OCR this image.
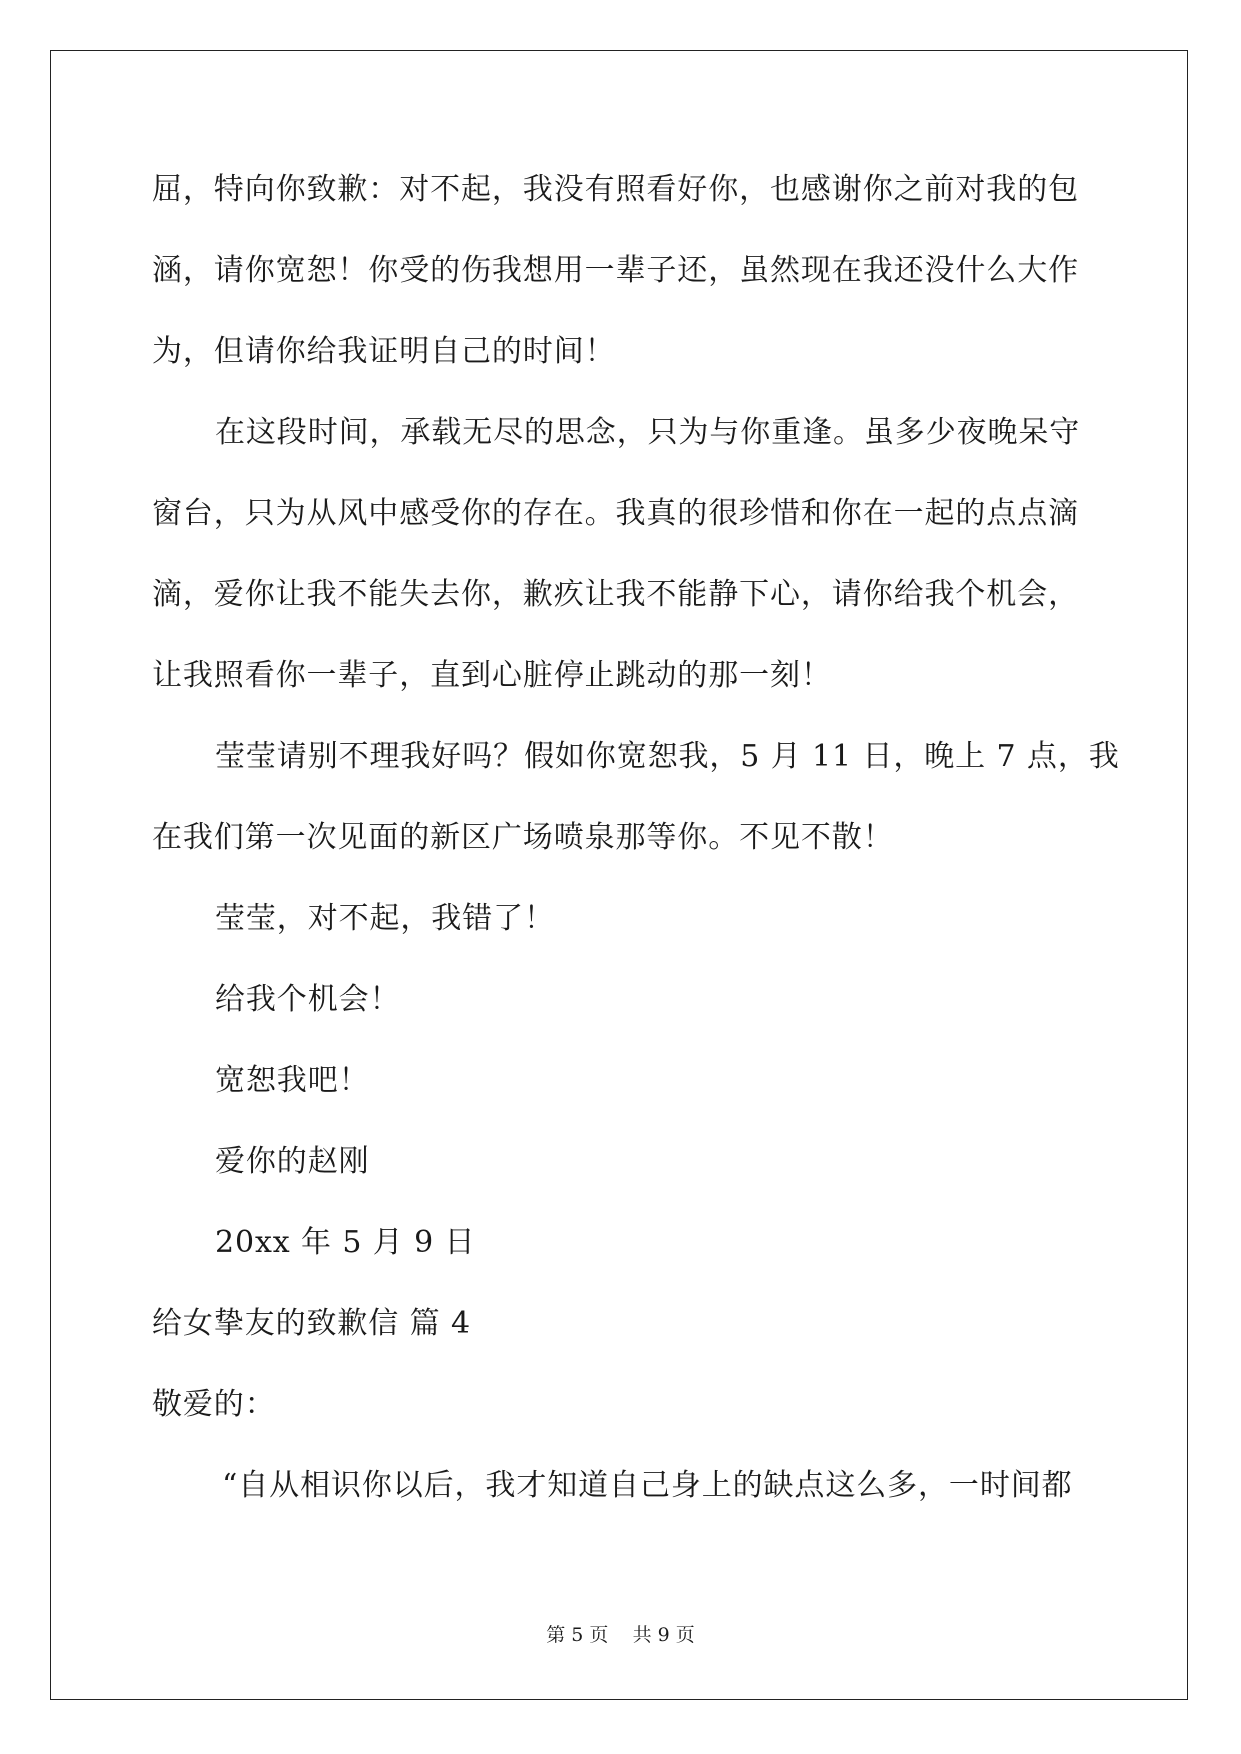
屈，特向你致歉：对不起，我没有照看好你，也感谢你之前对我的包
涵，请你宽恕！你受的伤我想用一辈子还，虽然现在我还没什么大作
为，但请你给我证明自己的时间！
在这段时间，承载无尽的思念，只为与你重逢。虽多少夜晚呆守
窗台，只为从风中感受你的存在。我真的很珍惜和你在一起的点点滴
滴，爱你让我不能失去你，歉疚让我不能静下心，请你给我个机会，
让我照看你一辈子，直到心脏停止跳动的那一刻！
莹莹请别不理我好吗？假如你宽恕我，5 月 11 日，晚上 7 点，我
在我们第一次见面的新区广场喷泉那等你。不见不散！
莹莹，对不起，我错了！
给我个机会！
宽恕我吧！
爱你的赵刚
20xx 年 5 月 9 日
给女挚友的致歉信 篇 4
敬爱的：
“自从相识你以后，我才知道自己身上的缺点这么多，一时间都
第 5 页    共 9 页
